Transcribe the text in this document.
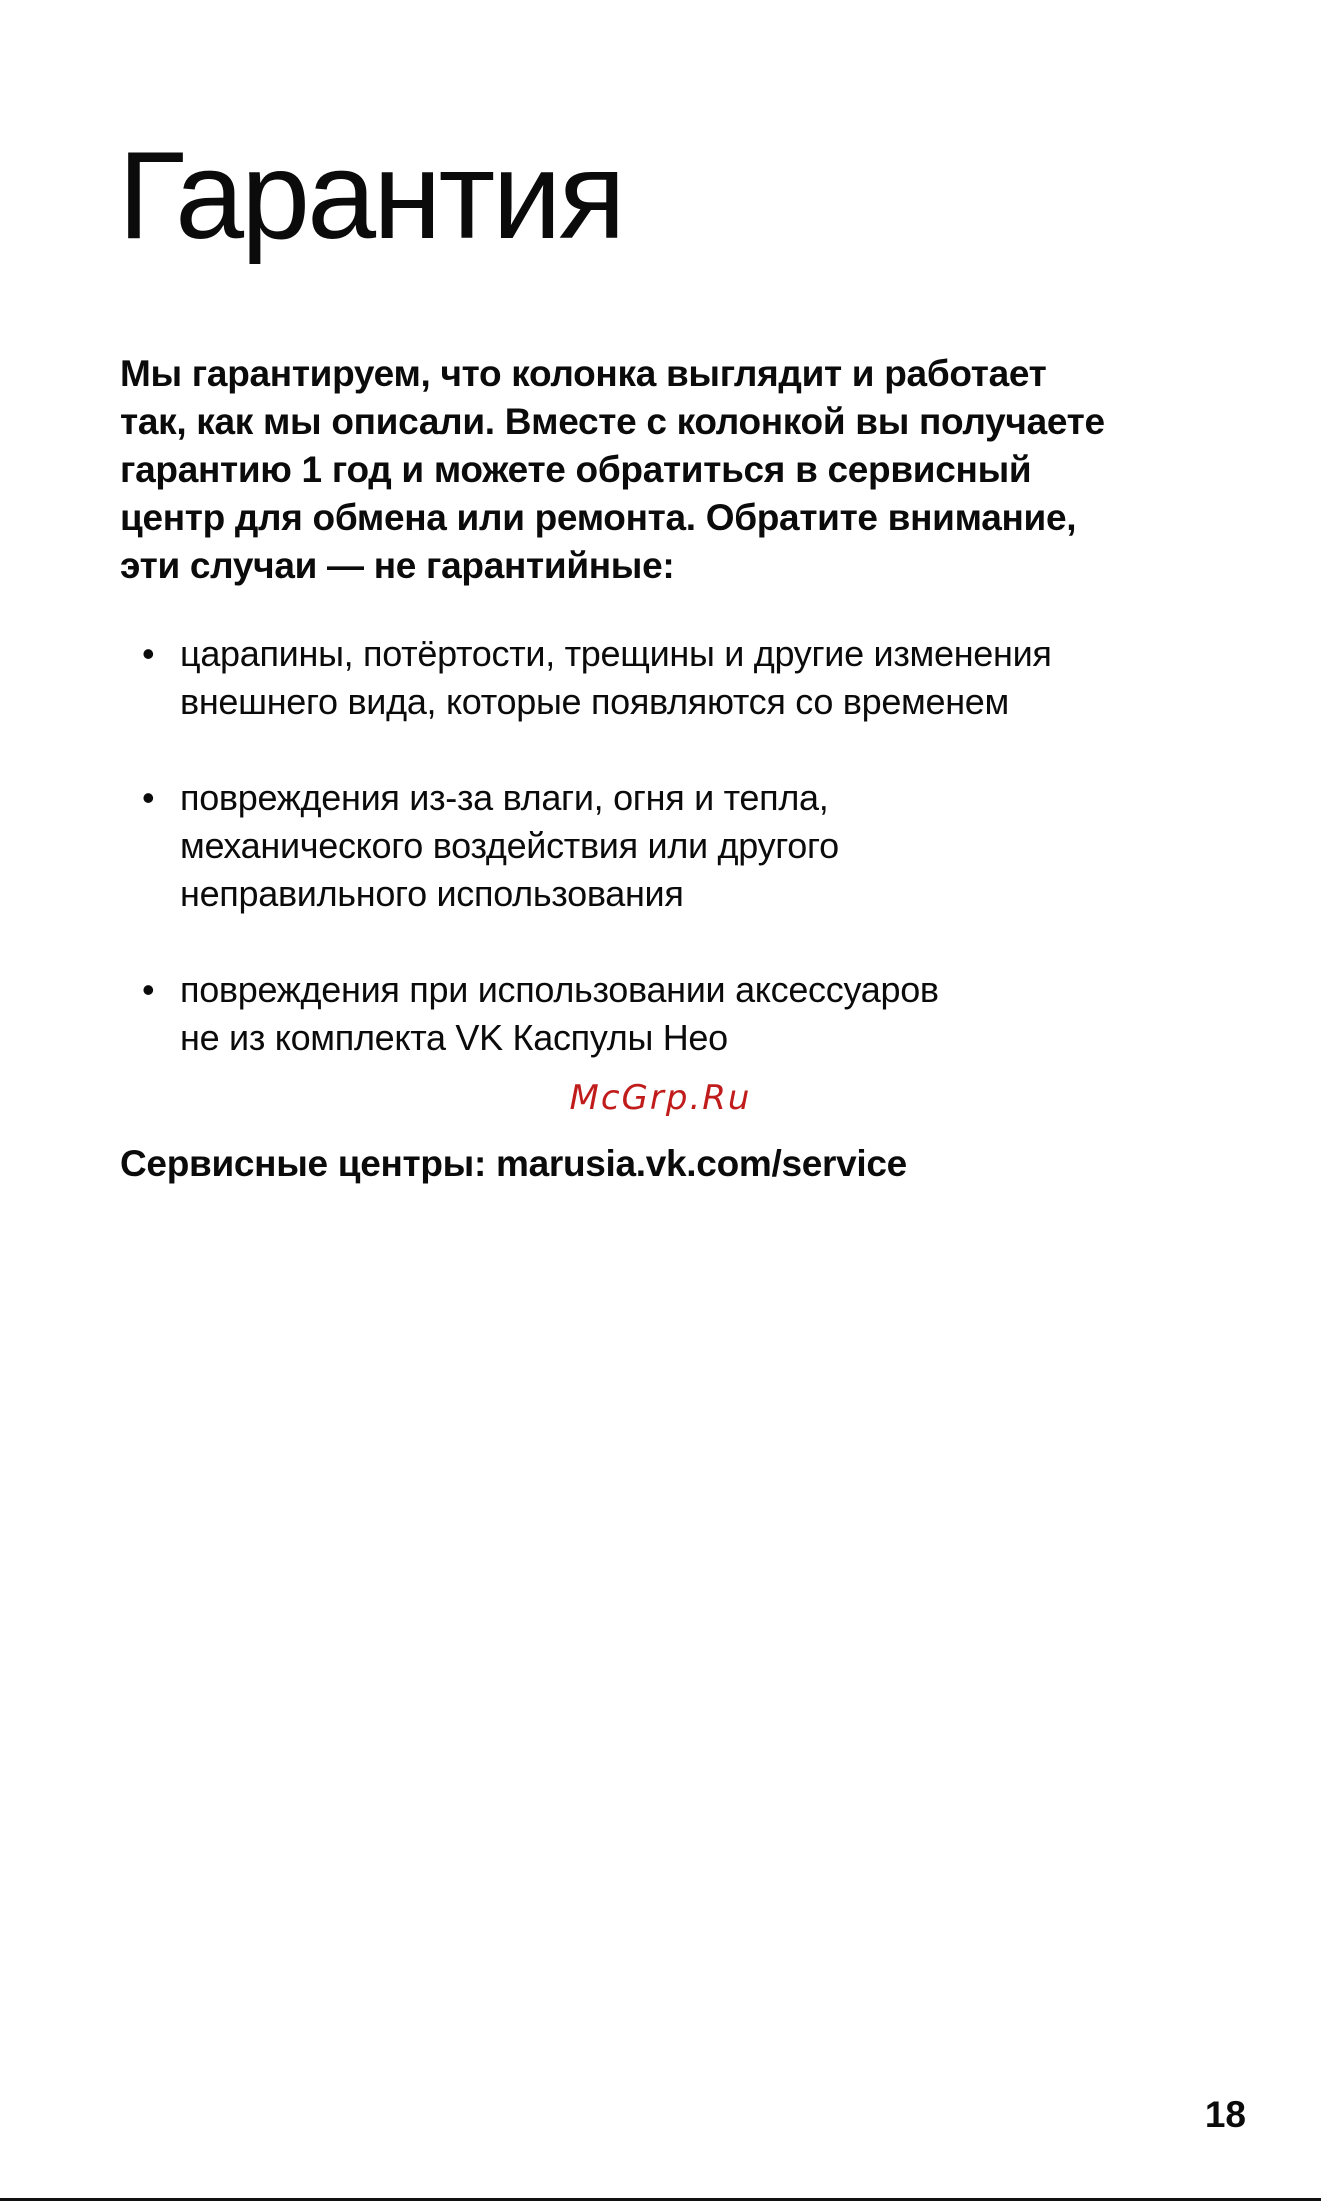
Гарантия

Мы гарантируем, что колонка выглядит и работает
так, как мы описали. Вместе с колонкой вы получаете
гарантию 1 год и можете обратиться в сервисный
центр для обмена или ремонта. Обратите внимание,
эти случаи — не гарантийные:

• царапины, потёртости, трещины и другие изменения
внешнего вида, которые появляются со временем
• повреждения из-за влаги, огня и тепла,
механического воздействия или другого
неправильного использования
• повреждения при использовании аксессуаров
не из комплекта VK Каспулы Нео
McGrp.Ru

Сервисные центры: marusia.vk.com/service

18
